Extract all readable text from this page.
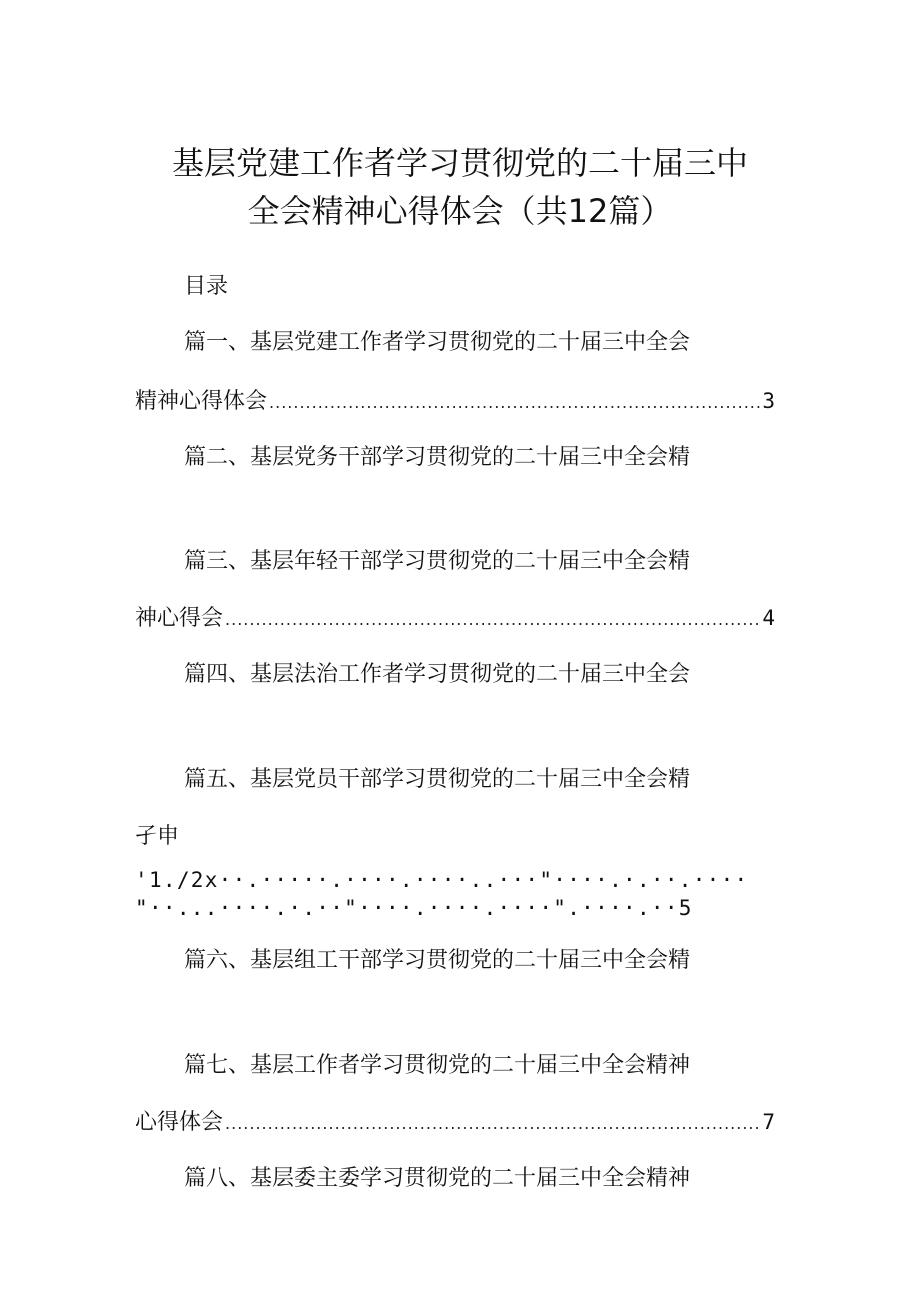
基层党建工作者学习贯彻党的二十届三中
全会精神心得体会（共12篇）
目录
篇一、基层党建工作者学习贯彻党的二十届三中全会
精神心得体会 .....	3
篇二、基层党务干部学习贯彻党的二十届三中全会精
篇三、基层年轻干部学习贯彻党的二十届三中全会精
神心得会 .....	4
篇四、基层法治工作者学习贯彻党的二十届三中全会
篇五、基层党员干部学习贯彻党的二十届三中全会精
孑申
'1./2x··.·····.····.····..···"····.·.··.····
"··...····.·.··"····.····.····".····.··5
篇六、基层组工干部学习贯彻党的二十届三中全会精
篇七、基层工作者学习贯彻党的二十届三中全会精神
心得体会 .....	7
篇八、基层委主委学习贯彻党的二十届三中全会精神
